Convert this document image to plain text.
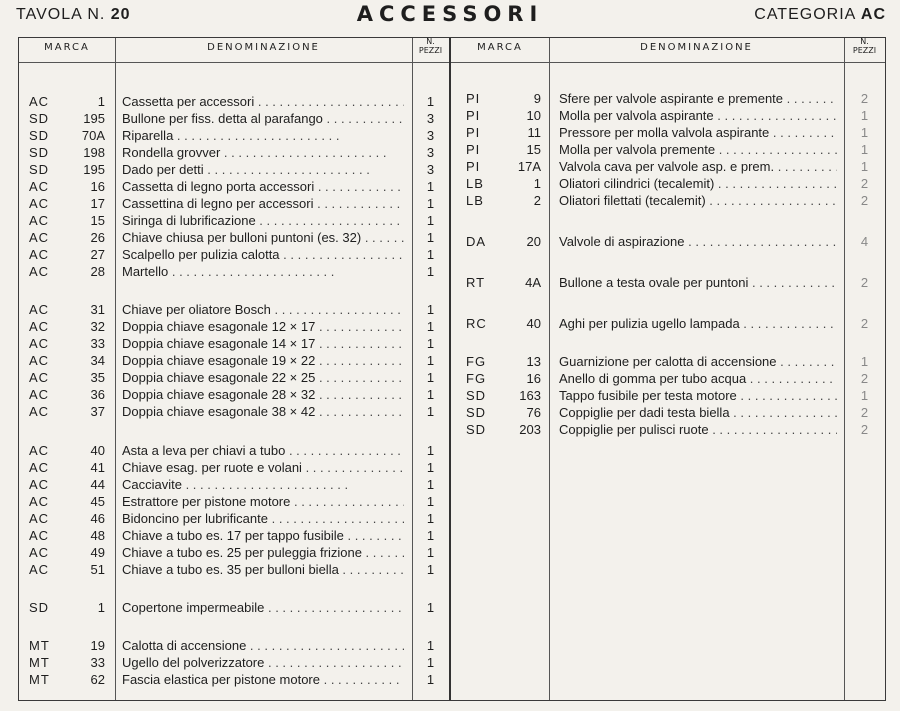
TAVOLA N. 20	ACCESSORI	CATEGORIA AC
MARCA	DENOMINAZIONE
N.
PEZZI	MARCA	DENOMINAZIONE
N.
PEZZI
AC	1 Cassetta per accessori . .	1
SD	195 Bullone per fiss. detta al parafango . .	3
SD	70A Riparella . .	3
SD	198 Rondella grovver . .	3
SD	195 Dado per detti . .	3
AC	16 Cassetta di legno porta accessori . .	1
AC	17 Cassettina di legno per accessori . .	1
AC	15 Siringa di lubrificazione . .	1
AC	26 Chiave chiusa per bulloni puntoni (es. 32) . .	1
AC	27 Scalpello per pulizia calotta . .	1
AC	28 Martello . .	1
AC	31 Chiave per oliatore Bosch . .	1
AC	32 Doppia chiave esagonale 12 × 17 . .	1
AC	33 Doppia chiave esagonale 14 × 17 . .	1
AC	34 Doppia chiave esagonale 19 × 22 . .	1
AC	35 Doppia chiave esagonale 22 × 25 . .	1
AC	36 Doppia chiave esagonale 28 × 32 . .	1
AC	37 Doppia chiave esagonale 38 × 42 . .	1
AC	40 Asta a leva per chiavi a tubo . .	1
AC	41 Chiave esag. per ruote e volani . .	1
AC	44 Cacciavite . .	1
AC	45 Estrattore per pistone motore . .	1
AC	46 Bidoncino per lubrificante . .	1
AC	48 Chiave a tubo es. 17 per tappo fusibile . .	1
AC	49 Chiave a tubo es. 25 per puleggia frizione . .	1
AC	51 Chiave a tubo es. 35 per bulloni biella . .	1
SD	1 Copertone impermeabile . .	1
MT	19 Calotta di accensione . .	1
MT	33 Ugello del polverizzatore . .	1
MT	62 Fascia elastica per pistone motore . .	1
PI	9 Sfere per valvole aspirante e premente . .	2
PI	10 Molla per valvola aspirante . .	1
PI	11 Pressore per molla valvola aspirante . .	1
PI	15 Molla per valvola premente . .	1
PI	17A Valvola cava per valvole asp. e prem. . .	1
LB	1 Oliatori cilindrici (tecalemit) . .	2
LB	2 Oliatori filettati (tecalemit) . .	2
DA	20 Valvole di aspirazione . .	4
RT	4A Bullone a testa ovale per puntoni . .	2
RC	40 Aghi per pulizia ugello lampada . .	2
FG	13 Guarnizione per calotta di accensione . .	1
FG	16 Anello di gomma per tubo acqua . .	2
SD	163 Tappo fusibile per testa motore . .	1
SD	76 Coppiglie per dadi testa biella . .	2
SD	203 Coppiglie per pulisci ruote . .	2
